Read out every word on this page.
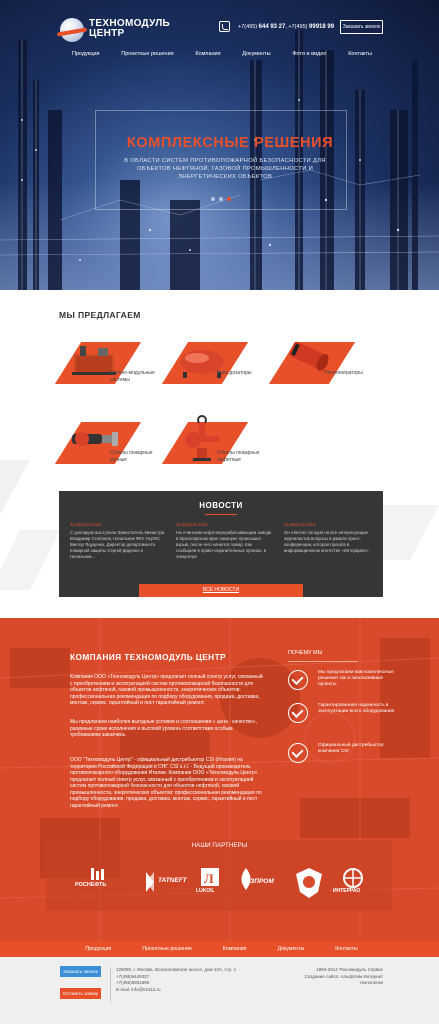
ТЕХНОМОДУЛЬ
ЦЕНТР
+7(495) 644 93 27, +7(495) 99918 99	Заказать звонок
Продукция	Проектные решения	Компания	Документы	Фото и видео	Контакты
КОМПЛЕКСНЫЕ РЕШЕНИЯ

В ОБЛАСТИ СИСТЕМ ПРОТИВОПОЖАРНОЙ БЕЗОПАСНОСТИ ДЛЯ ОБЪЕКТОВ НЕФТЯНОЙ, ГАЗОВОЙ ПРОМЫШЛЕННОСТИ И ЭНЕРГЕТИЧЕСКИХ ОБЪЕКТОВ

МЫ ПРЕДЛАГАЕМ
Блочно-модульные системы
Баки дозаторы	Пеногенераторы
Стволы пожарные ручные
Стволы пожарные лафетные
НОВОСТИ
22 августа 2014
С докладом выступили Заместитель Министра Владимир Степанов, Начальник ФКУ НЦУКС Виктор Яцуценко, Директор департамента пожарной защиты Сергей Диденко и Начальник...
22 августа 2014
На Ачинском нефтеперерабатывающем заводе в Красноярском крае накануне произошел взрыв, после чего начался пожар. Как сообщили в право-охранительных органах, в эпицентре
22 августа 2014
Он ответил сегодня на все интересующие журналистов вопросы в рамках пресс-конференции, которая прошла в информационном агентстве «Интерфакс».
ВСЕ НОВОСТИ
КОМПАНИЯ ТЕХНОМОДУЛЬ ЦЕНТР

Компания ООО «Техномодуль Центр» предлагает полный спектр услуг, связанный с преобретением и эксплуатацией систем противопожарной безопасности для объектов нефтяной, газовой промышленности, энергетических объектов: профессиональная рекомендация по подбору оборудования, продажа, доставка, монтаж, сервис, гарантийный и пост гарантийный ремонт.

Мы предлагаем наиболее выгодные условия и соотношения « цена - качество», разумные сроки исполнения и высокий уровень соответствия особым требованиям заказчика.

ООО "Техномодуль Центр" - официальный дистрибьютор CSI (Италия) на территории Российской Федерации и СНГ. CSI s.r.l. - Ведущий производитель противопожарного оборудования Италии. Компания ООО «Техномодуль Центр» предлагает полный спектр услуг, связанный с преобретением и эксплуатацией систем противопожарной безопасности для объектов нефтяной, газовой промышленности, энергетических объектов: профессиональная рекомендация по подбору оборудования, продажа, доставка, монтаж, сервис, гарантийный и пост гарантийный ремонт.

ПОЧЕМУ МЫ
Мы предлагаем вам комплексные решения так и эксклюзивные проекты
Гарантированная надежность в эксплуатации всего оборудования
Официальный дистрибьютор компании CSI
НАШИ ПАРТНЕРЫ
РОСНЕФТЬ
TATNEFT Л
LUKOIL
ГАЗПРОМ
ИНТЕРРАО
Продукция	Проектные решения	Компания	Документы	Контакты
Заказать звонок
Оставить заявку
125080, г. Москва, Волоколамское шоссе, дом 13А, стр. 1
+7(495)6449327
+7(495)9991899
E-mail: info@tm112.ru
1994-2014 Техномодуль Сервис
Создание сайта: Альфатим Интернет технологии
